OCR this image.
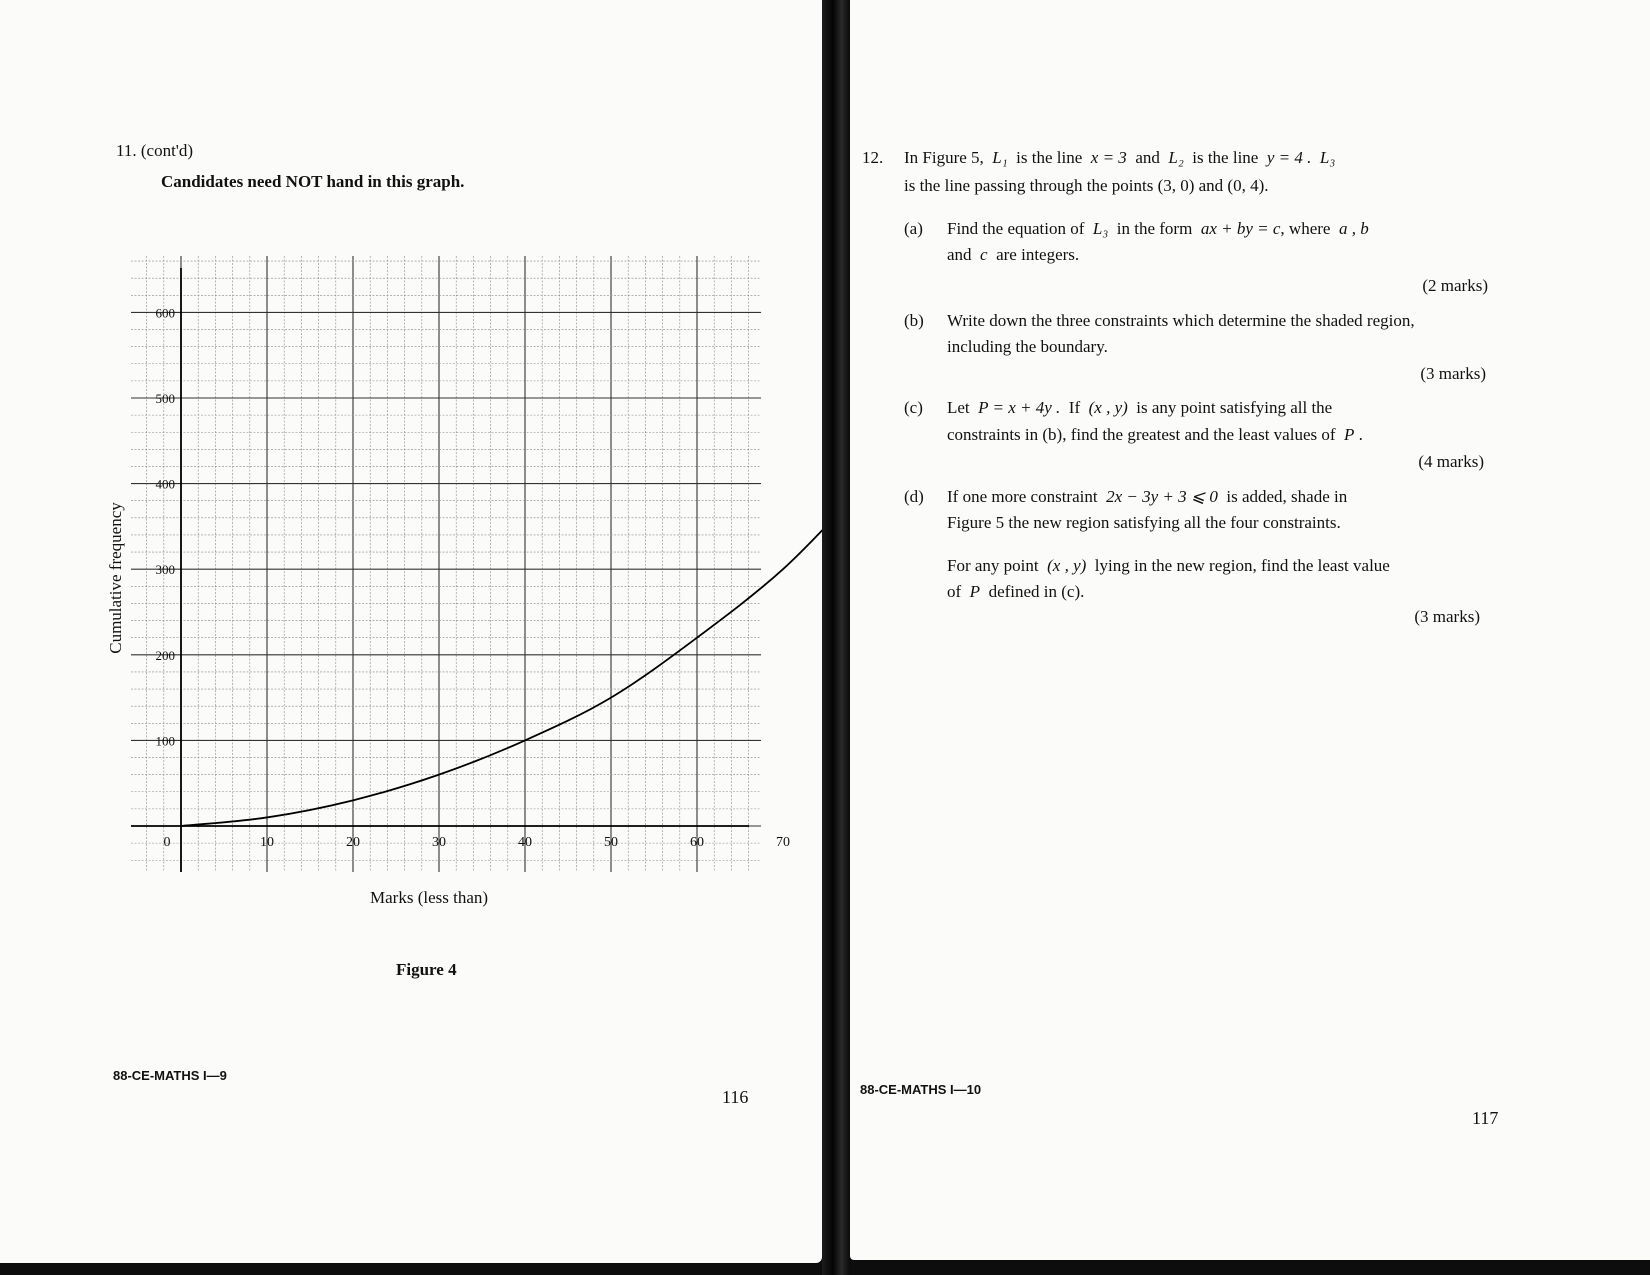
11. (cont'd)
Candidates need NOT hand in this graph.
0	10	20	30	40	50	60	70
100
200
300
400
500
600
Cumulative frequency
Marks (less than)
Figure 4
88-CE-MATHS I—9
116
12. In Figure 5, L₁ is the line x = 3 and L₂ is the line y = 4 . L₃
is the line passing through the points (3, 0) and (0, 4).
(a) Find the equation of L₃ in the form ax + by = c, where a , b
and c are integers.
(2 marks)
(b) Write down the three constraints which determine the shaded region,
including the boundary.
(3 marks)
(c) Let P = x + 4y . If (x , y) is any point satisfying all the
constraints in (b), find the greatest and the least values of P .
(4 marks)
(d) If one more constraint 2x − 3y + 3 ⩽ 0 is added, shade in
Figure 5 the new region satisfying all the four constraints.
For any point (x , y) lying in the new region, find the least value
of P defined in (c).
(3 marks)
88-CE-MATHS I—10
117
